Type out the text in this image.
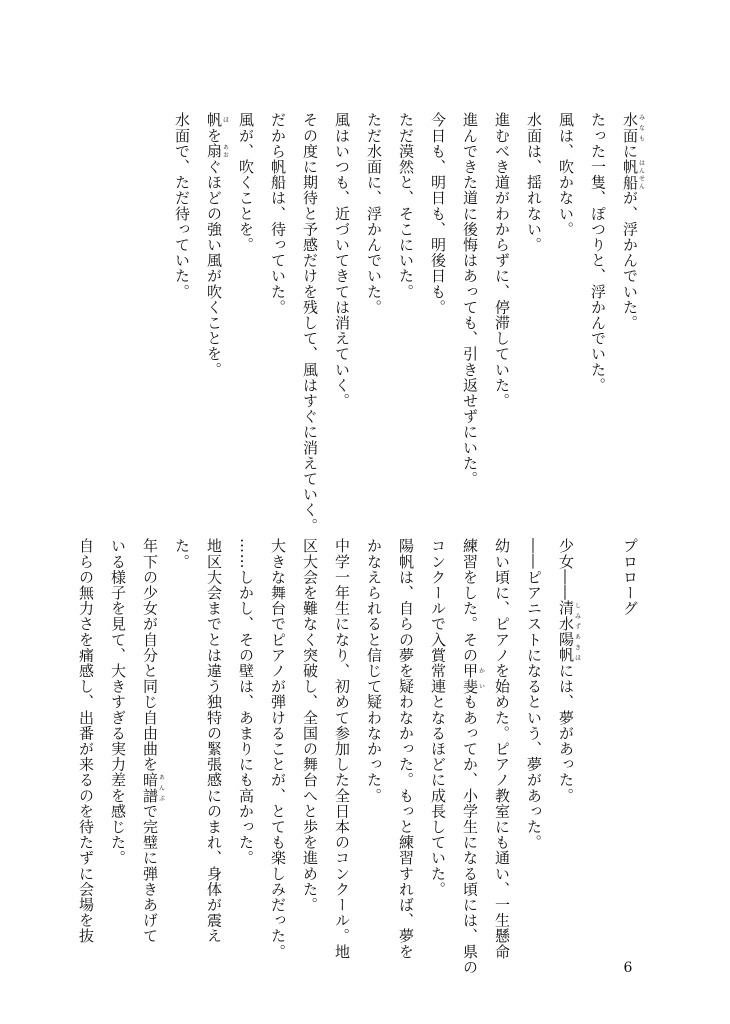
水面みなもに帆船はんせんが、浮かんでいた。

たった一隻、ぽつりと、浮かんでいた。

風は、吹かない。

水面は、揺れない。

進むべき道がわからずに、停滞していた。

進んできた道に後悔はあっても、引き返せずにいた。

今日も、明日も、明後日も。

ただ漠然と、そこにいた。

ただ水面に、浮かんでいた。

風はいつも、近づいてきては消えていく。

その度に期待と予感だけを残して、風はすぐに消えていく。

だから帆船は、待っていた。

風が、吹くことを。

帆ほを扇あおぐほどの強い風が吹くことを。

水面で、ただ待っていた。

プロローグ

少女――清水陽帆しみずあきほには、夢があった。

――ピアニストになるという、夢があった。

幼い頃に、ピアノを始めた。ピアノ教室にも通い、一生懸命

練習をした。その甲斐かいもあってか、小学生になる頃には、県の

コンクールで入賞常連となるほどに成長していた。

陽帆は、自らの夢を疑わなかった。もっと練習すれば、夢を

かなえられると信じて疑わなかった。

中学一年生になり、初めて参加した全日本のコンクール。地

区大会を難なく突破し、全国の舞台へと歩を進めた。

大きな舞台でピアノが弾けることが、とても楽しみだった。

……しかし、その壁は、あまりにも高かった。

地区大会までとは違う独特の緊張感にのまれ、身体が震え

た。

年下の少女が自分と同じ自由曲を暗譜あんぷで完璧に弾きあげて

いる様子を見て、大きすぎる実力差を感じた。

自らの無力さを痛感し、出番が来るのを待たずに会場を抜

6
